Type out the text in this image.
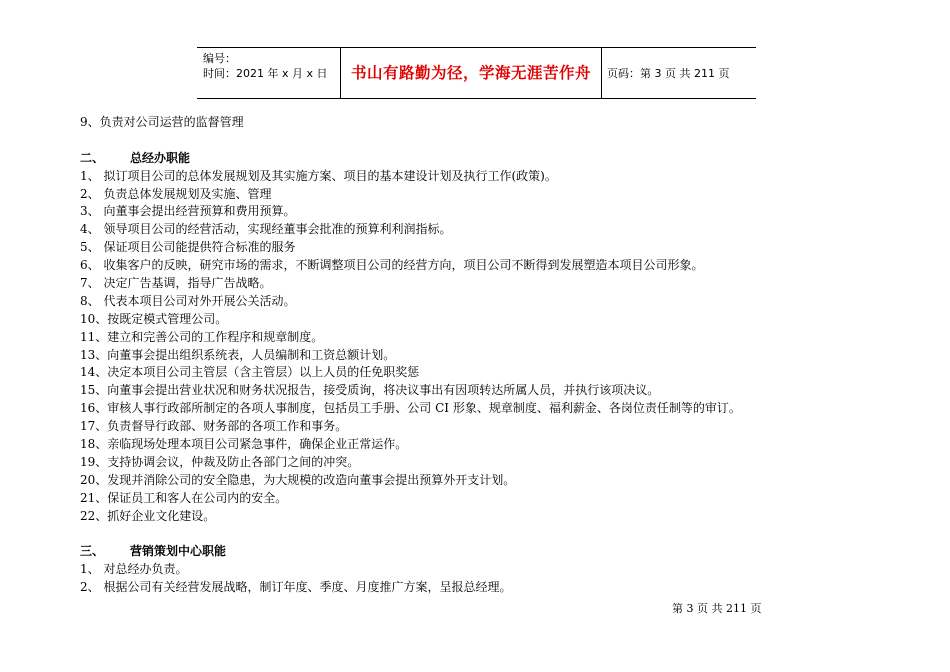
编号：
时间：2021 年 x 月 x 日	书山有路勤为径，学海无涯苦作舟	页码：第 3 页 共 211 页
9、负责对公司运营的监督管理
二、 总经办职能
1、 拟订项目公司的总体发展规划及其实施方案、项目的基本建设计划及执行工作(政策)。
2、 负责总体发展规划及实施、管理
3、 向董事会提出经营预算和费用预算。
4、 领导项目公司的经营活动，实现经董事会批准的预算利利润指标。
5、 保证项目公司能提供符合标准的服务
6、 收集客户的反映，研究市场的需求，不断调整项目公司的经营方向，项目公司不断得到发展塑造本项目公司形象。
7、 决定广告基调，指导广告战略。
8、 代表本项目公司对外开展公关活动。
10、按既定模式管理公司。
11、建立和完善公司的工作程序和规章制度。
13、向董事会提出组织系统表，人员编制和工资总额计划。
14、决定本项目公司主管层（含主管层）以上人员的任免职奖惩
15、向董事会提出营业状况和财务状况报告，接受质询，将决议事出有因项转达所属人员，并执行该项决议。
16、审核人事行政部所制定的各项人事制度，包括员工手册、公司 CI 形象、规章制度、福利薪金、各岗位责任制等的审订。
17、负责督导行政部、财务部的各项工作和事务。
18、亲临现场处理本项目公司紧急事件，确保企业正常运作。
19、支持协调会议，仲裁及防止各部门之间的冲突。
20、发现并消除公司的安全隐患，为大规模的改造向董事会提出预算外开支计划。
21、保证员工和客人在公司内的安全。
22、抓好企业文化建设。
三、 营销策划中心职能
1、 对总经办负责。
2、 根据公司有关经营发展战略，制订年度、季度、月度推广方案，呈报总经理。
第 3 页 共 211 页
